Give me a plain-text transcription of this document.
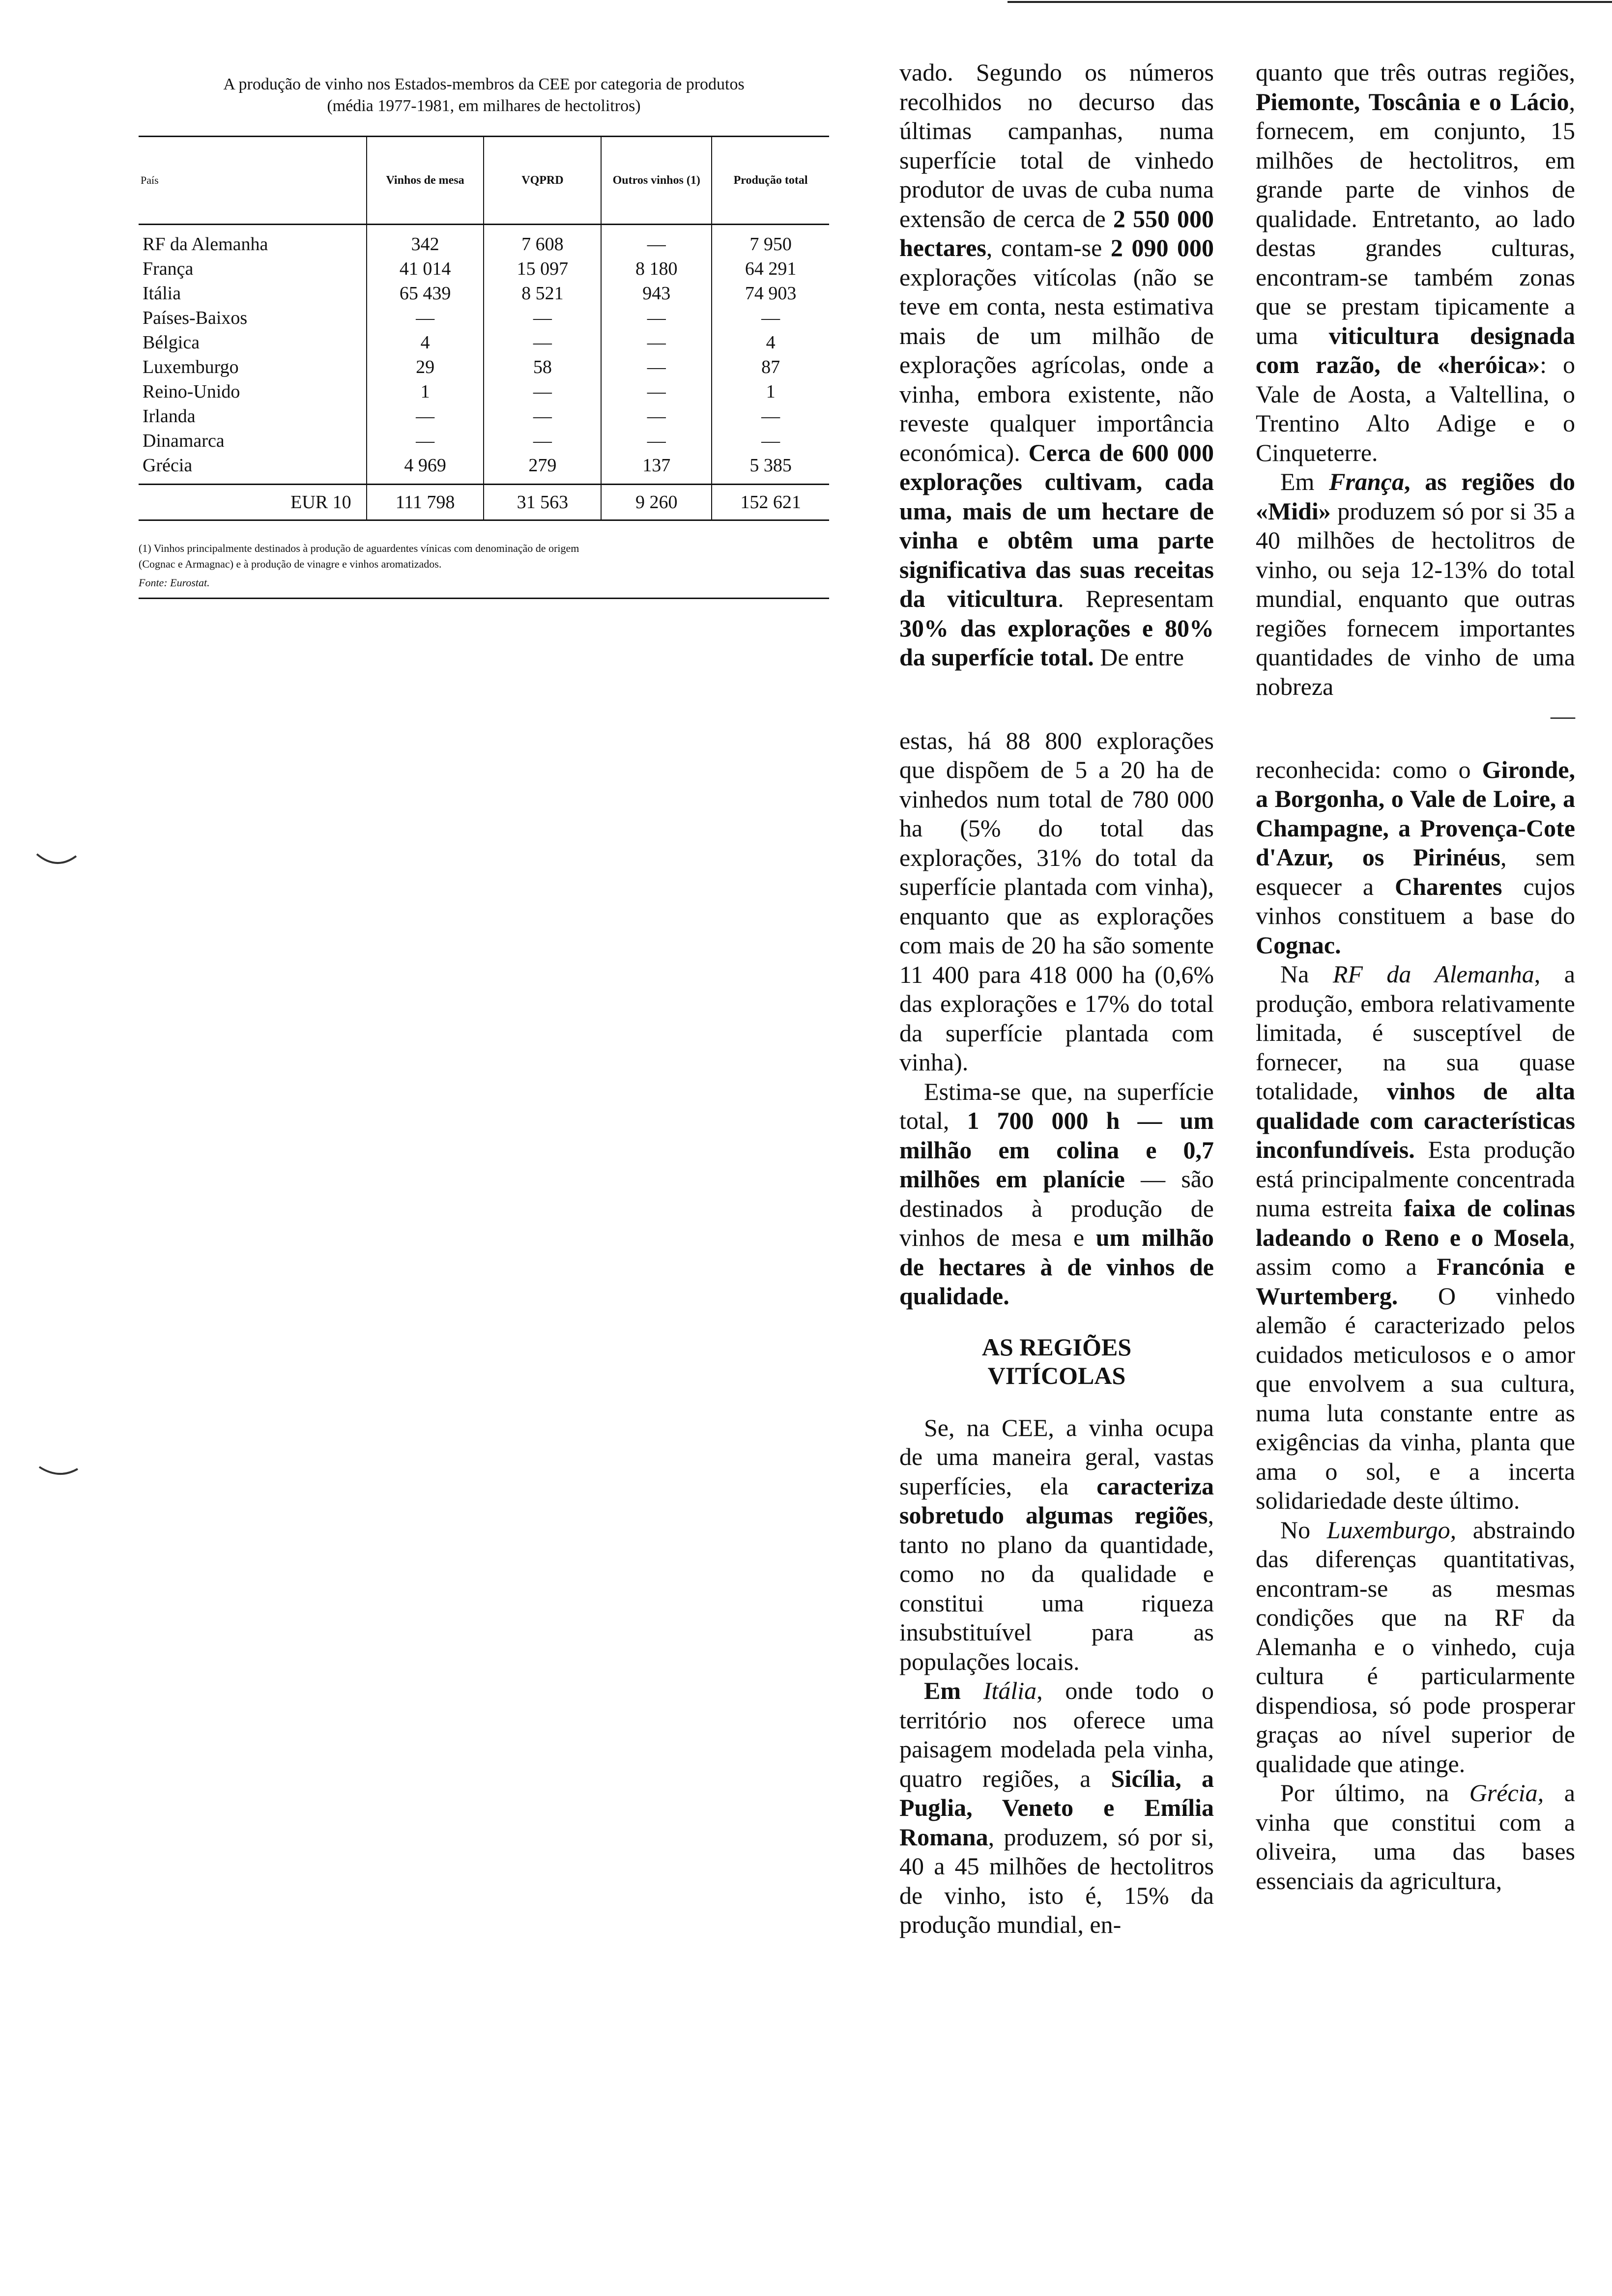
A produção de vinho nos Estados-membros da CEE por categoria de produtos
(média 1977-1981, em milhares de hectolitros)
País	Vinhos de mesa	VQPRD	Outros vinhos (1)	Produção total
RF da Alemanha	342	7 608	—	7 950
França	41 014	15 097	8 180	64 291
Itália	65 439	8 521	943	74 903
Países-Baixos	—	—	—	—
Bélgica	4	—	—	4
Luxemburgo	29	58	—	87
Reino-Unido	1	—	—	1
Irlanda	—	—	—	—
Dinamarca	—	—	—	—
Grécia	4 969	279	137	5 385
EUR 10	111 798	31 563	9 260	152 621
(1) Vinhos principalmente destinados à produção de aguardentes vínicas com denominação de origem
(Cognac e Armagnac) e à produção de vinagre e vinhos aromatizados.
Fonte: Eurostat.

vado. Segundo os números recolhidos no decurso das últimas campanhas, numa superfície total de vinhedo produtor de uvas de cuba numa extensão de cerca de 2 550 000 hectares, contam-se 2 090 000 explorações vitícolas (não se teve em conta, nesta estimativa mais de um milhão de explorações agrícolas, onde a vinha, embora existente, não reveste qualquer importância económica). Cerca de 600 000 explorações cultivam, cada uma, mais de um hectare de vinha e obtêm uma parte significativa das suas receitas da viticultura. Representam 30% das explorações e 80% da superfície total. De entre

estas, há 88 800 explorações que dispõem de 5 a 20 ha de vinhedos num total de 780 000 ha (5% do total das explorações, 31% do total da superfície plantada com vinha), enquanto que as explorações com mais de 20 ha são somente 11 400 para 418 000 ha (0,6% das explorações e 17% do total da superfície plantada com vinha).

Estima-se que, na superfície total, 1 700 000 h — um milhão em colina e 0,7 milhões em planície — são destinados à produção de vinhos de mesa e um milhão de hectares à de vinhos de qualidade.

AS REGIÕES
VITÍCOLAS

Se, na CEE, a vinha ocupa de uma maneira geral, vastas superfícies, ela caracteriza sobretudo algumas regiões, tanto no plano da quantidade, como no da qualidade e constitui uma riqueza insubstituível para as populações locais.

Em Itália, onde todo o território nos oferece uma paisagem modelada pela vinha, quatro regiões, a Sicília, a Puglia, Veneto e Emília Romana, produzem, só por si, 40 a 45 milhões de hectolitros de vinho, isto é, 15% da produção mundial, en-

quanto que três outras regiões, Piemonte, Toscânia e o Lácio, fornecem, em conjunto, 15 milhões de hectolitros, em grande parte de vinhos de qualidade. Entretanto, ao lado destas grandes culturas, encontram-se também zonas que se prestam tipicamente a uma viticultura designada com razão, de «heróica»: o Vale de Aosta, a Valtellina, o Trentino Alto Adige e o Cinqueterre.

Em França, as regiões do «Midi» produzem só por si 35 a 40 milhões de hectolitros de vinho, ou seja 12-13% do total mundial, enquanto que outras regiões fornecem importantes quantidades de vinho de uma nobreza
—

reconhecida: como o Gironde, a Borgonha, o Vale de Loire, a Champagne, a Provença-Cote d'Azur, os Pirinéus, sem esquecer a Charentes cujos vinhos constituem a base do Cognac.

Na RF da Alemanha, a produção, embora relativamente limitada, é susceptível de fornecer, na sua quase totalidade, vinhos de alta qualidade com características inconfundíveis. Esta produção está principalmente concentrada numa estreita faixa de colinas ladeando o Reno e o Mosela, assim como a Francónia e Wurtemberg. O vinhedo alemão é caracterizado pelos cuidados meticulosos e o amor que envolvem a sua cultura, numa luta constante entre as exigências da vinha, planta que ama o sol, e a incerta solidariedade deste último.

No Luxemburgo, abstraindo das diferenças quantitativas, encontram-se as mesmas condições que na RF da Alemanha e o vinhedo, cuja cultura é particularmente dispendiosa, só pode prosperar graças ao nível superior de qualidade que atinge.

Por último, na Grécia, a vinha que constitui com a oliveira, uma das bases essenciais da agricultura,
